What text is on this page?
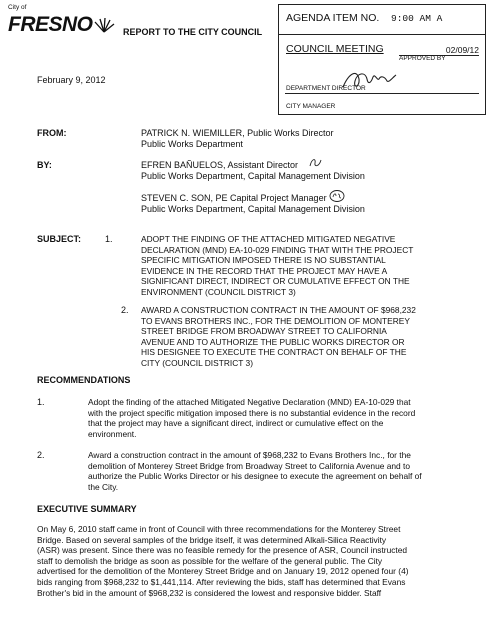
City of
FRESNO	REPORT TO THE CITY COUNCIL
February 9, 2012
AGENDA ITEM NO. 9:00 AM A
COUNCIL MEETING	02/09/12
APPROVED BY
DEPARTMENT DIRECTOR
CITY MANAGER
FROM:	PATRICK N. WIEMILLER, Public Works Director
Public Works Department
BY:	EFREN BAÑUELOS, Assistant Director
Public Works Department, Capital Management Division
STEVEN C. SON, PE Capital Project Manager
Public Works Department, Capital Management Division
SUBJECT:	1.	ADOPT THE FINDING OF THE ATTACHED MITIGATED NEGATIVE
DECLARATION (MND) EA-10-029 FINDING THAT WITH THE PROJECT
SPECIFIC MITIGATION IMPOSED THERE IS NO SUBSTANTIAL
EVIDENCE IN THE RECORD THAT THE PROJECT MAY HAVE A
SIGNIFICANT DIRECT, INDIRECT OR CUMULATIVE EFFECT ON THE
ENVIRONMENT (COUNCIL DISTRICT 3)
2. AWARD A CONSTRUCTION CONTRACT IN THE AMOUNT OF $968,232
TO EVANS BROTHERS INC., FOR THE DEMOLITION OF MONTEREY
STREET BRIDGE FROM BROADWAY STREET TO CALIFORNIA
AVENUE AND TO AUTHORIZE THE PUBLIC WORKS DIRECTOR OR
HIS DESIGNEE TO EXECUTE THE CONTRACT ON BEHALF OF THE
CITY (COUNCIL DISTRICT 3)
RECOMMENDATIONS
1.	Adopt the finding of the attached Mitigated Negative Declaration (MND) EA-10-029 that
with the project specific mitigation imposed there is no substantial evidence in the record
that the project may have a significant direct, indirect or cumulative effect on the
environment.
2.	Award a construction contract in the amount of $968,232 to Evans Brothers Inc., for the
demolition of Monterey Street Bridge from Broadway Street to California Avenue and to
authorize the Public Works Director or his designee to execute the agreement on behalf of
the City.
EXECUTIVE SUMMARY
On May 6, 2010 staff came in front of Council with three recommendations for the Monterey Street
Bridge. Based on several samples of the bridge itself, it was determined Alkali-Silica Reactivity
(ASR) was present. Since there was no feasible remedy for the presence of ASR, Council instructed
staff to demolish the bridge as soon as possible for the welfare of the general public. The City
advertised for the demolition of the Monterey Street Bridge and on January 19, 2012 opened four (4)
bids ranging from $968,232 to $1,441,114. After reviewing the bids, staff has determined that Evans
Brother's bid in the amount of $968,232 is considered the lowest and responsive bidder. Staff
